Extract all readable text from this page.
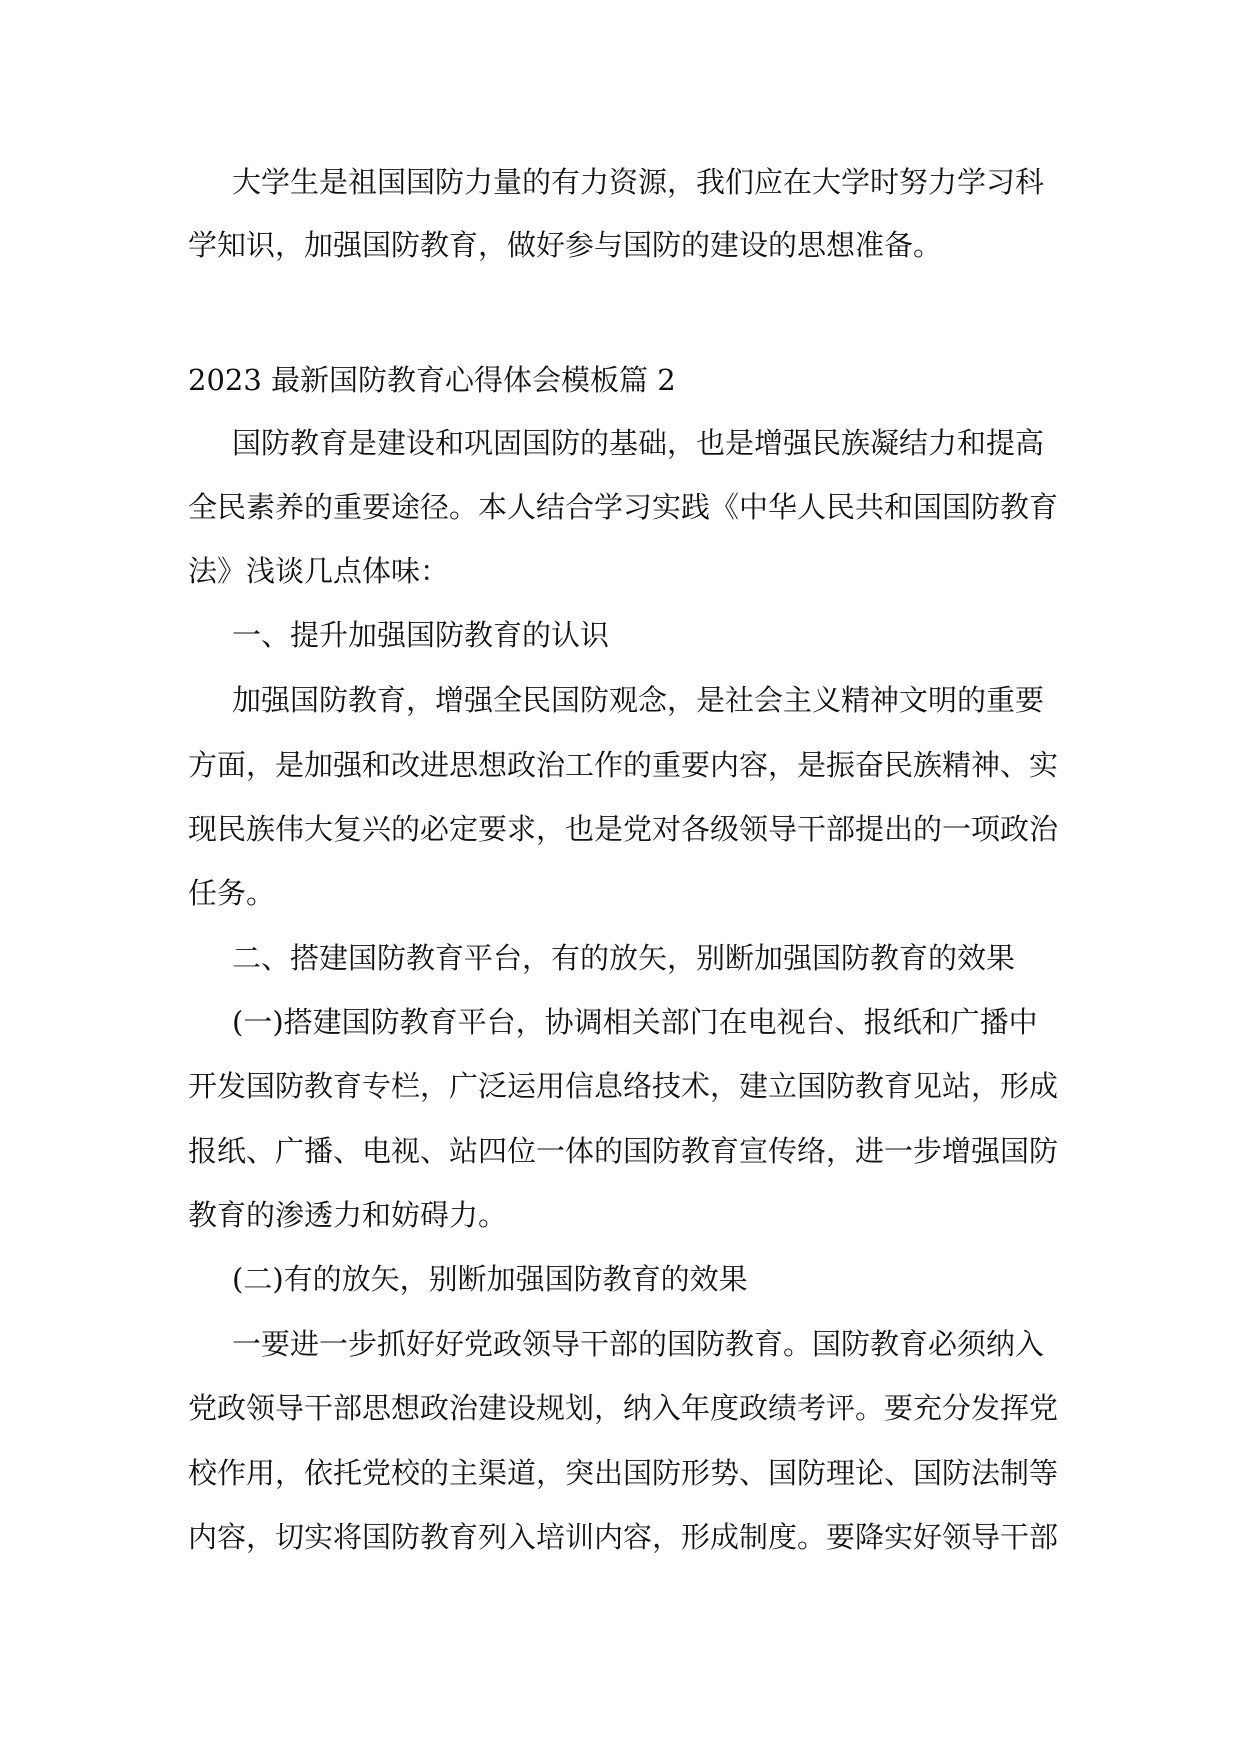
大学生是祖国国防力量的有力资源，我们应在大学时努力学习科
学知识，加强国防教育，做好参与国防的建设的思想准备。
2023 最新国防教育心得体会模板篇 2
国防教育是建设和巩固国防的基础，也是增强民族凝结力和提高
全民素养的重要途径。本人结合学习实践《中华人民共和国国防教育
法》浅谈几点体味：
一、提升加强国防教育的认识
加强国防教育，增强全民国防观念，是社会主义精神文明的重要
方面，是加强和改进思想政治工作的重要内容，是振奋民族精神、实
现民族伟大复兴的必定要求，也是党对各级领导干部提出的一项政治
任务。
二、搭建国防教育平台，有的放矢，别断加强国防教育的效果
(一)搭建国防教育平台，协调相关部门在电视台、报纸和广播中
开发国防教育专栏，广泛运用信息络技术，建立国防教育见站，形成
报纸、广播、电视、站四位一体的国防教育宣传络，进一步增强国防
教育的渗透力和妨碍力。
(二)有的放矢，别断加强国防教育的效果
一要进一步抓好好党政领导干部的国防教育。国防教育必须纳入
党政领导干部思想政治建设规划，纳入年度政绩考评。要充分发挥党
校作用，依托党校的主渠道，突出国防形势、国防理论、国防法制等
内容，切实将国防教育列入培训内容，形成制度。要降实好领导干部
